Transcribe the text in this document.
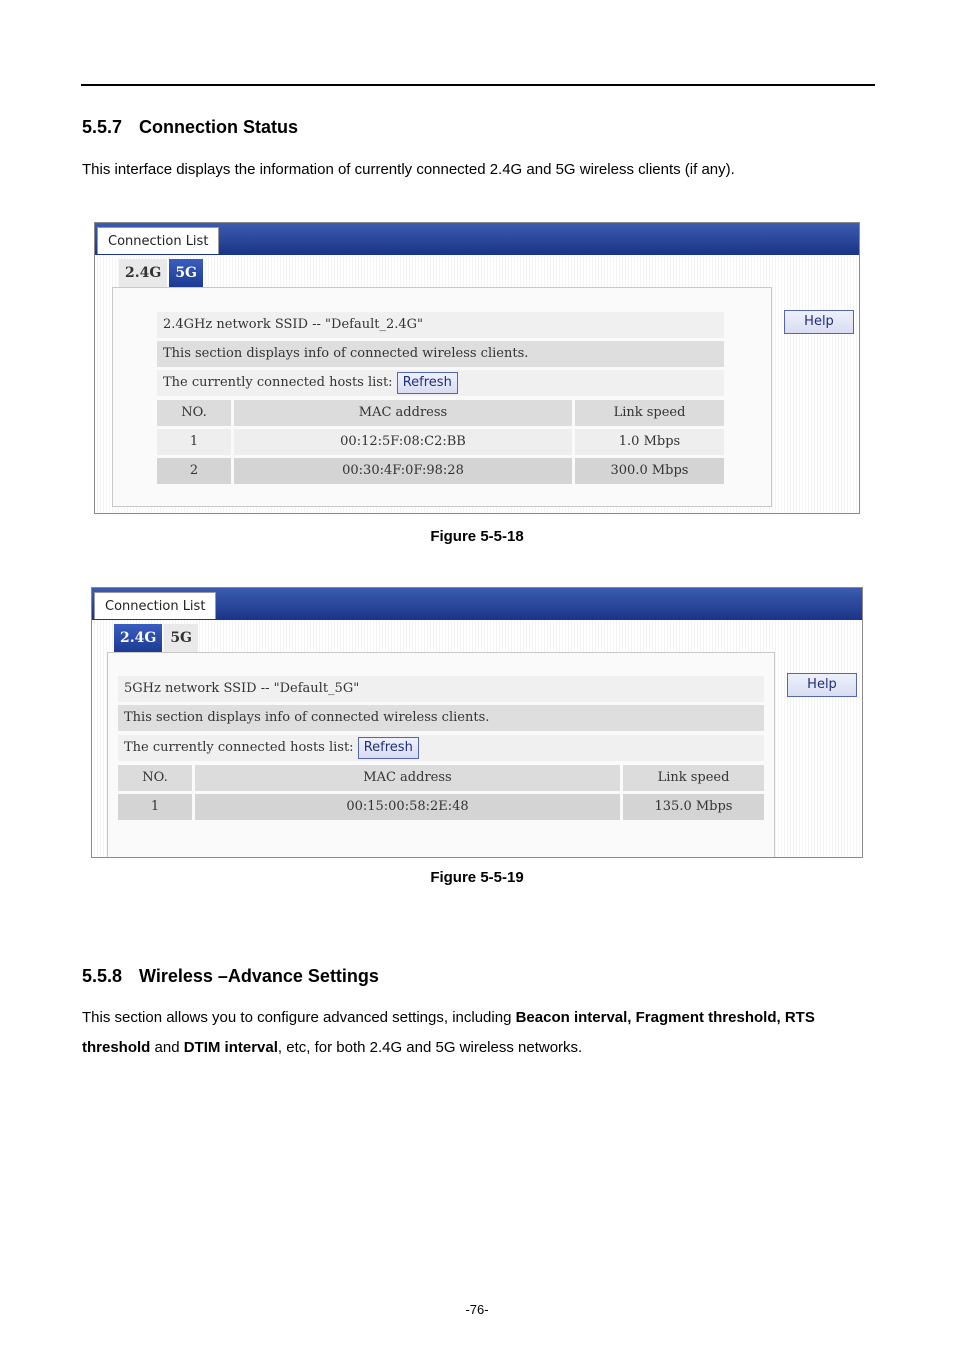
5.5.7 Connection Status

This interface displays the information of currently connected 2.4G and 5G wireless clients (if any).

Connection List
2.4G	5G
2.4GHz network SSID -- "Default_2.4G"
This section displays info of connected wireless clients.
The currently connected hosts list: Refresh
NO.	MAC address	Link speed
1	00:12:5F:08:C2:BB	1.0 Mbps
2	00:30:4F:0F:98:28	300.0 Mbps
Help
Figure 5-5-18
Connection List
2.4G	5G
5GHz network SSID -- "Default_5G"
This section displays info of connected wireless clients.
The currently connected hosts list: Refresh
NO.	MAC address	Link speed
1	00:15:00:58:2E:48	135.0 Mbps
Help
Figure 5-5-19
5.5.8 Wireless –Advance Settings

This section allows you to configure advanced settings, including Beacon interval, Fragment threshold, RTS threshold and DTIM interval, etc, for both 2.4G and 5G wireless networks.

-76-
